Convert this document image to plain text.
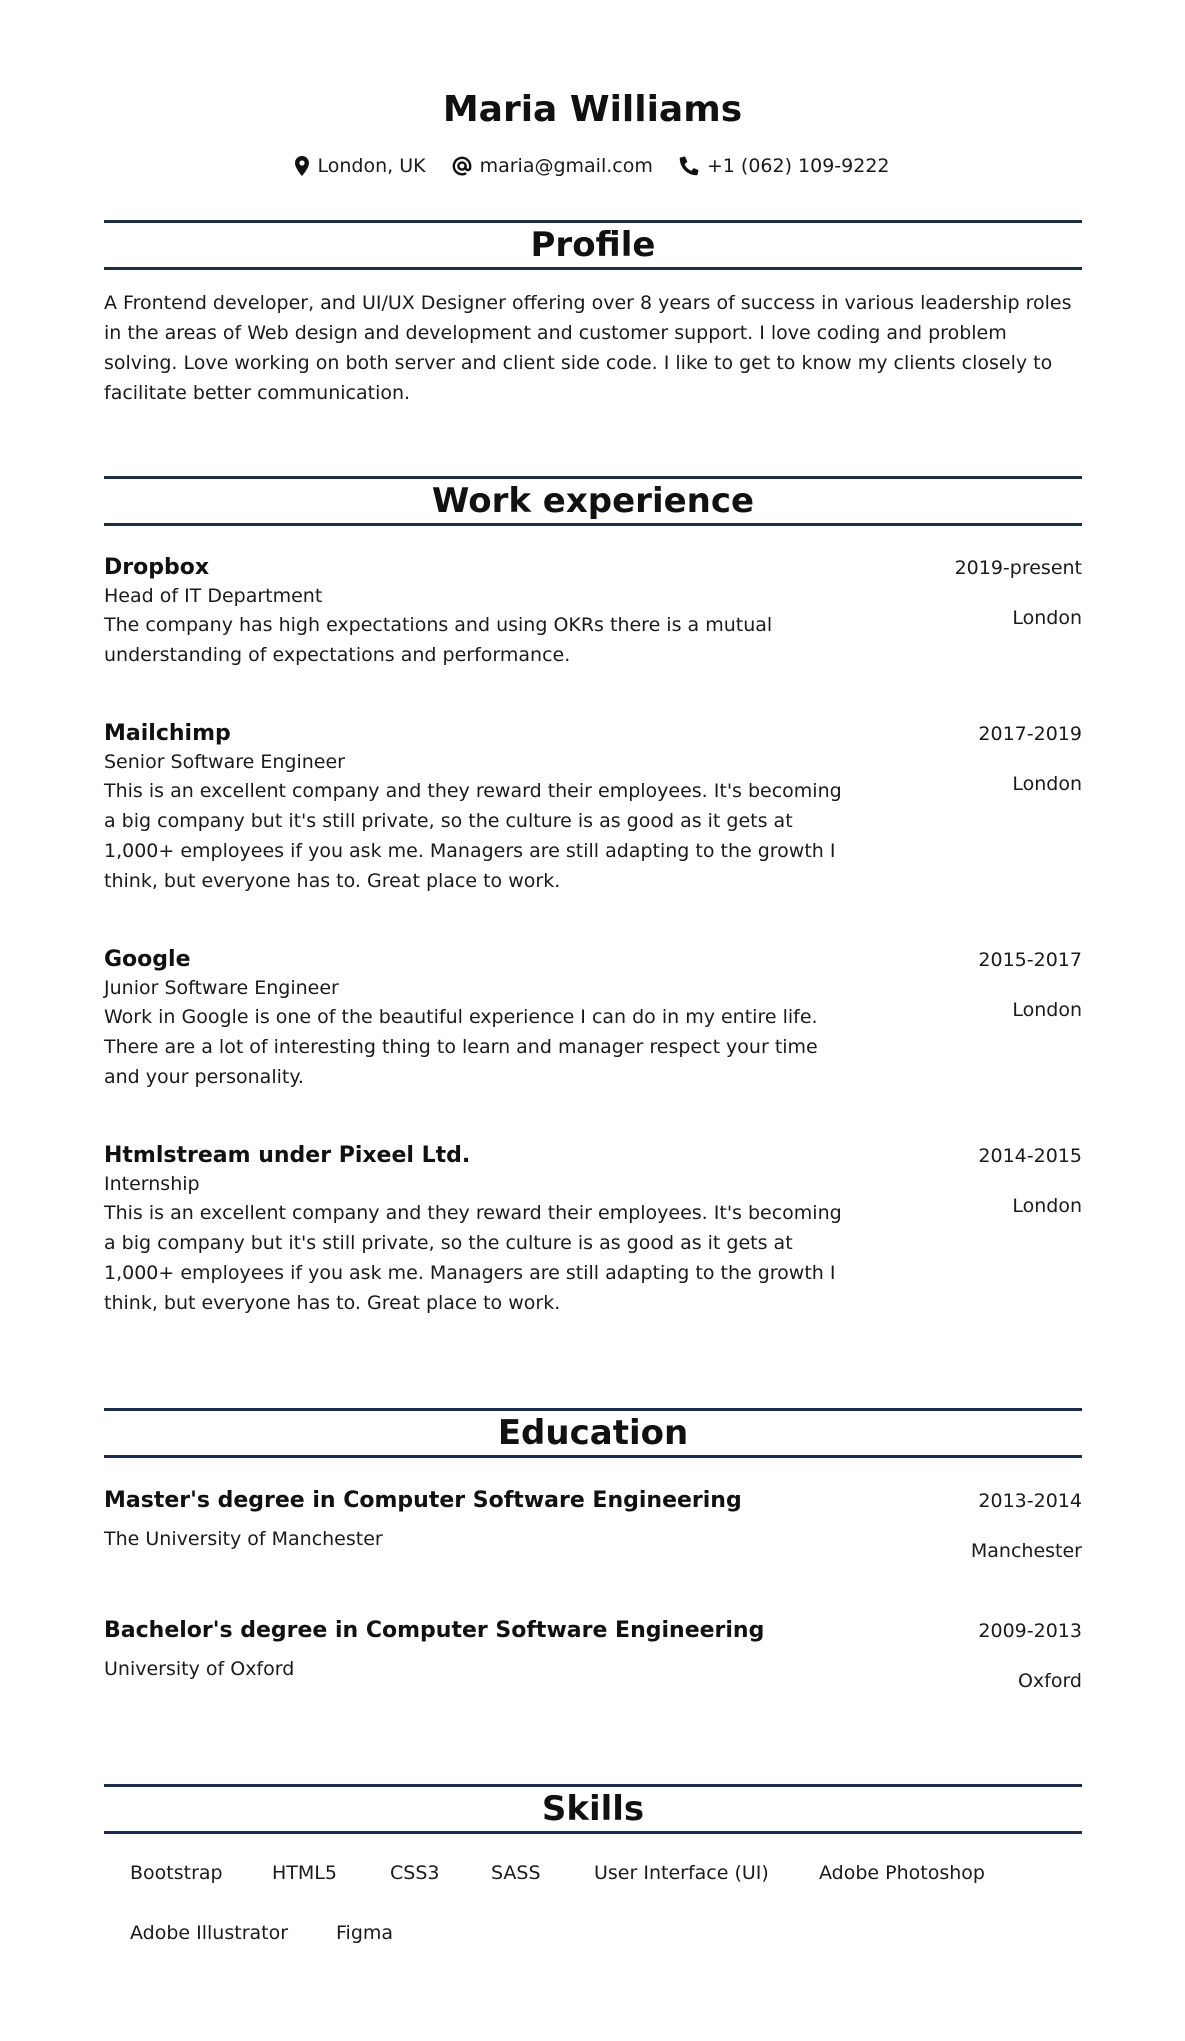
Maria Williams
London, UK	maria@gmail.com	+1 (062) 109-9222
Profile
A Frontend developer, and UI/UX Designer offering over 8 years of success in various leadership roles in the areas of Web design and development and customer support. I love coding and problem solving. Love working on both server and client side code. I like to get to know my clients closely to facilitate better communication.
Work experience
Dropbox	2019-present
Head of IT Department
London
The company has high expectations and using OKRs there is a mutual understanding of expectations and performance.
Mailchimp	2017-2019
Senior Software Engineer
London
This is an excellent company and they reward their employees. It's becoming a big company but it's still private, so the culture is as good as it gets at 1,000+ employees if you ask me. Managers are still adapting to the growth I think, but everyone has to. Great place to work.
Google	2015-2017
Junior Software Engineer
London
Work in Google is one of the beautiful experience I can do in my entire life. There are a lot of interesting thing to learn and manager respect your time and your personality.
Htmlstream under Pixeel Ltd.	2014-2015
Internship
London
This is an excellent company and they reward their employees. It's becoming a big company but it's still private, so the culture is as good as it gets at 1,000+ employees if you ask me. Managers are still adapting to the growth I think, but everyone has to. Great place to work.
Education
Master's degree in Computer Software Engineering	2013-2014
The University of Manchester
Manchester
Bachelor's degree in Computer Software Engineering	2009-2013
University of Oxford
Oxford
Skills
Bootstrap	HTML5	CSS3	SASS	User Interface (UI)	Adobe Photoshop
Adobe Illustrator	Figma
